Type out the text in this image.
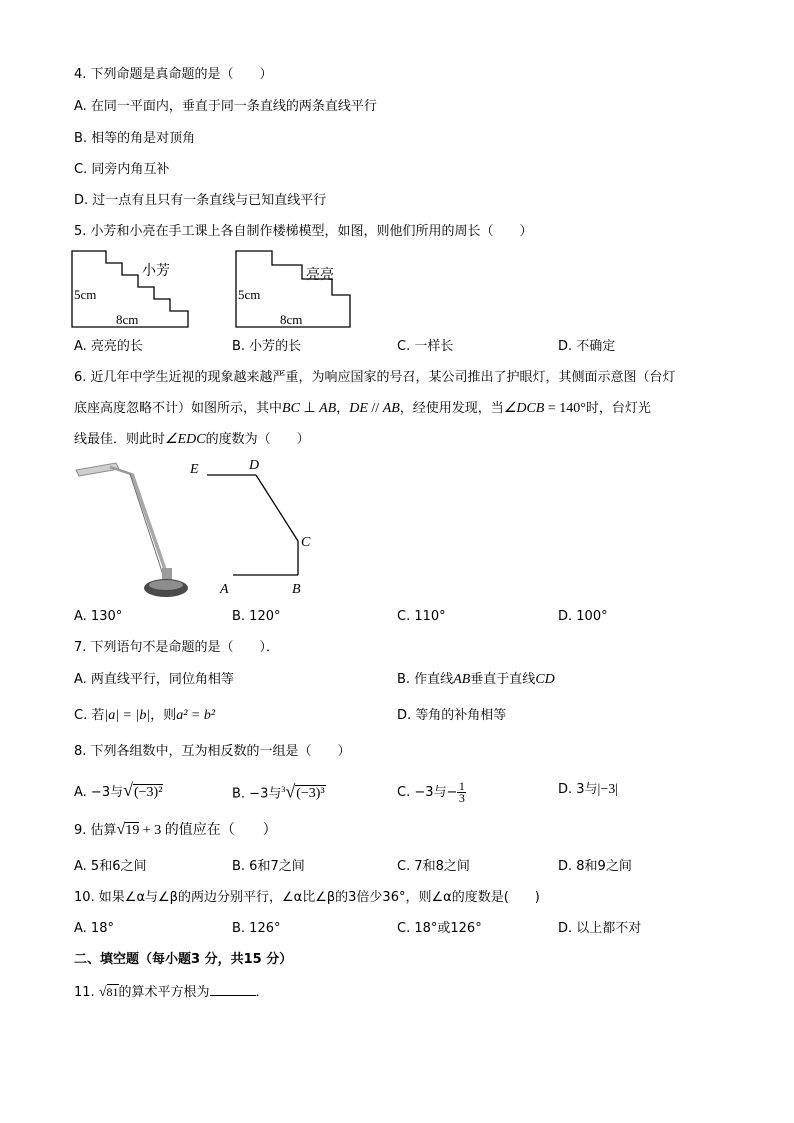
4. 下列命题是真命题的是（　　）
A. 在同一平面内，垂直于同一条直线的两条直线平行
B. 相等的角是对顶角
C. 同旁内角互补
D. 过一点有且只有一条直线与已知直线平行
5. 小芳和小亮在手工课上各自制作楼梯模型，如图，则他们所用的周长（　　）
小芳
5cm
8cm
亮亮
5cm
8cm
A. 亮亮的长	B. 小芳的长	C. 一样长	D. 不确定
6. 近几年中学生近视的现象越来越严重，为响应国家的号召，某公司推出了护眼灯，其侧面示意图（台灯
底座高度忽略不计）如图所示，其中BC ⊥ AB，DE // AB，经使用发现，当∠DCB = 140°时，台灯光
线最佳．则此时∠EDC的度数为（　　）
E	D
C
A	B
A. 130°	B. 120°	C. 110°	D. 100°
7. 下列语句不是命题的是（　　）．
A. 两直线平行，同位角相等	B. 作直线AB垂直于直线CD
C. 若|a| = |b|，则a² = b²	D. 等角的补角相等
8. 下列各组数中，互为相反数的一组是（　　）
A. −3与√(−3)²	B. −3与$^3$√(−3)³	C. −3与− $\frac{1}{3}$	D. 3与|−3|
9. 估算√19 + 3 的值应在（　　）
A. 5和6之间	B. 6和7之间	C. 7和8之间	D. 8和9之间
10. 如果∠α与∠β的两边分别平行，∠α比∠β的3倍少36°，则∠α的度数是(　　)
A. 18°	B. 126°	C. 18°或126°	D. 以上都不对
二、填空题（每小题3 分，共15 分）
11. √81的算术平方根为	．
